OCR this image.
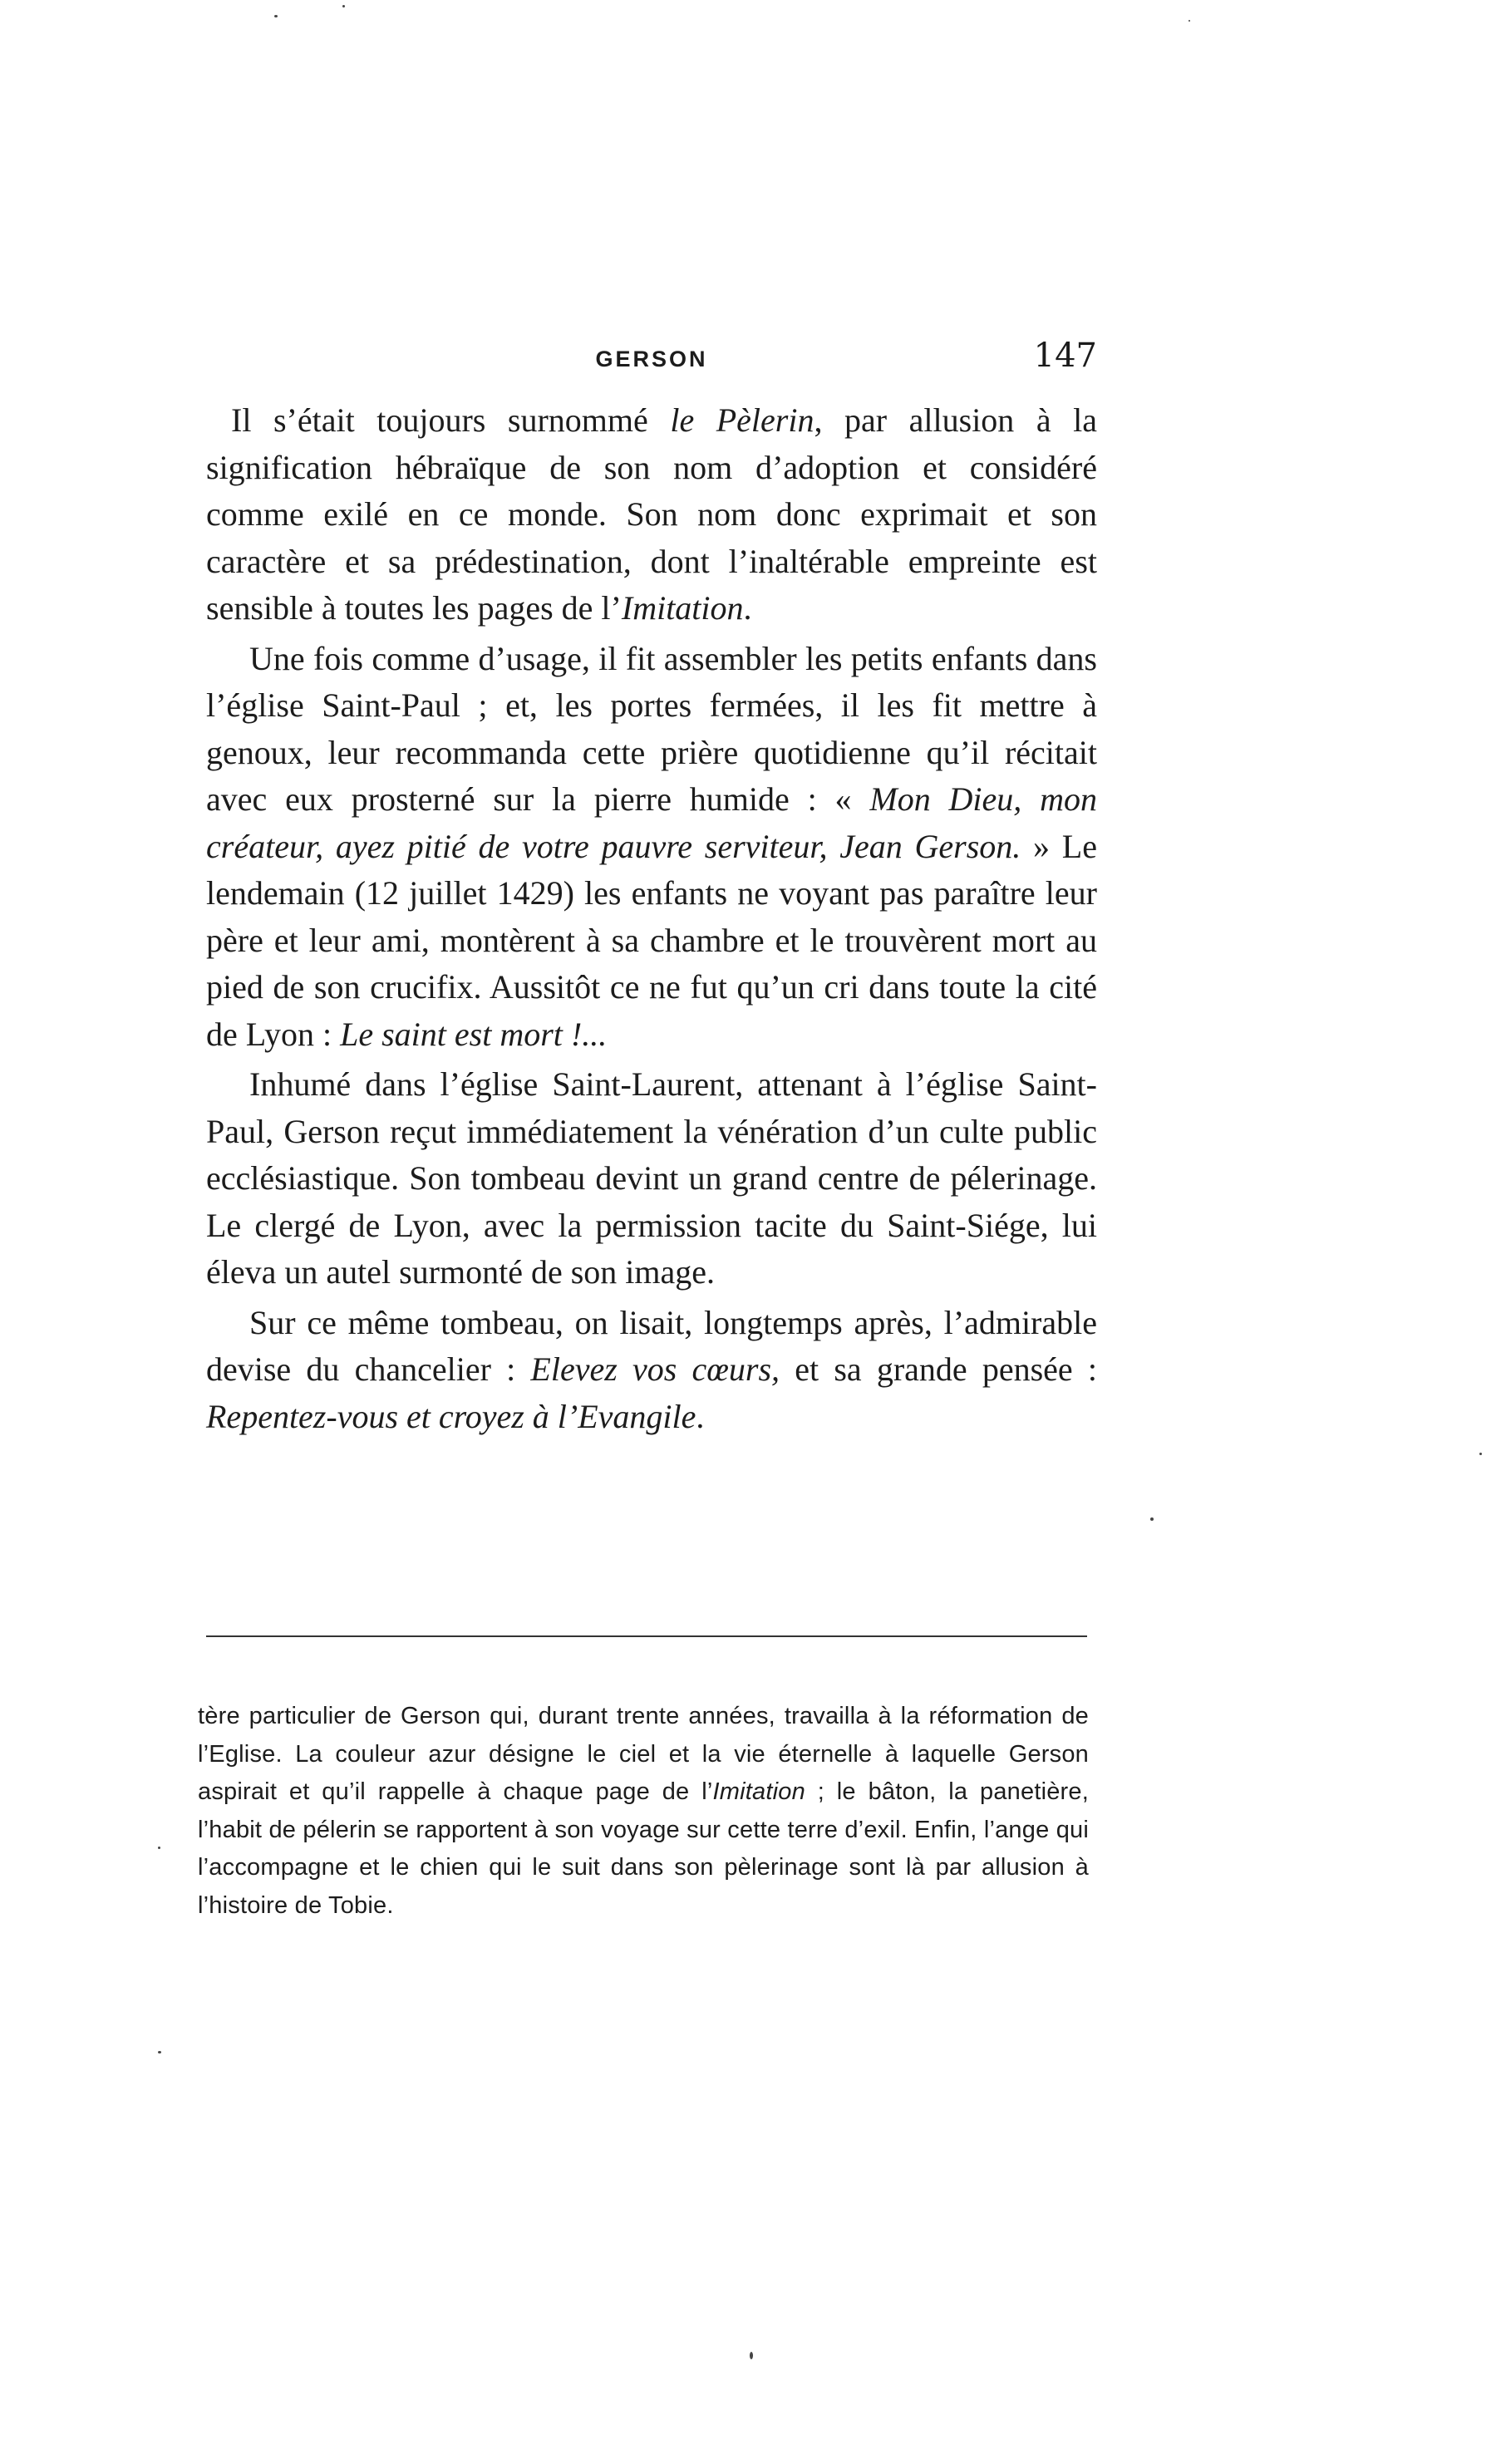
GERSON	147

Il s’était toujours surnommé le Pèlerin, par allusion à la signification hébraïque de son nom d’adoption et considéré comme exilé en ce monde. Son nom donc exprimait et son caractère et sa prédestination, dont l’inaltérable empreinte est sensible à toutes les pages de l’Imitation.

Une fois comme d’usage, il fit assembler les petits enfants dans l’église Saint-Paul ; et, les portes fermées, il les fit mettre à genoux, leur recommanda cette prière quotidienne qu’il récitait avec eux prosterné sur la pierre humide : « Mon Dieu, mon créateur, ayez pitié de votre pauvre serviteur, Jean Gerson. » Le lendemain (12 juillet 1429) les enfants ne voyant pas paraître leur père et leur ami, montèrent à sa chambre et le trouvèrent mort au pied de son crucifix. Aussitôt ce ne fut qu’un cri dans toute la cité de Lyon : Le saint est mort !...

Inhumé dans l’église Saint-Laurent, attenant à l’église Saint-Paul, Gerson reçut immédiatement la vénération d’un culte public ecclésiastique. Son tombeau devint un grand centre de pélerinage. Le clergé de Lyon, avec la permission tacite du Saint-Siége, lui éleva un autel surmonté de son image.

Sur ce même tombeau, on lisait, longtemps après, l’admirable devise du chancelier : Elevez vos cœurs, et sa grande pensée : Repentez-vous et croyez à l’Evangile.

tère particulier de Gerson qui, durant trente années, travailla à la réformation de l’Eglise. La couleur azur désigne le ciel et la vie éternelle à laquelle Gerson aspirait et qu’il rappelle à chaque page de l’Imitation ; le bâton, la panetière, l’habit de pélerin se rapportent à son voyage sur cette terre d’exil. Enfin, l’ange qui l’accompagne et le chien qui le suit dans son pèlerinage sont là par allusion à l’histoire de Tobie.
